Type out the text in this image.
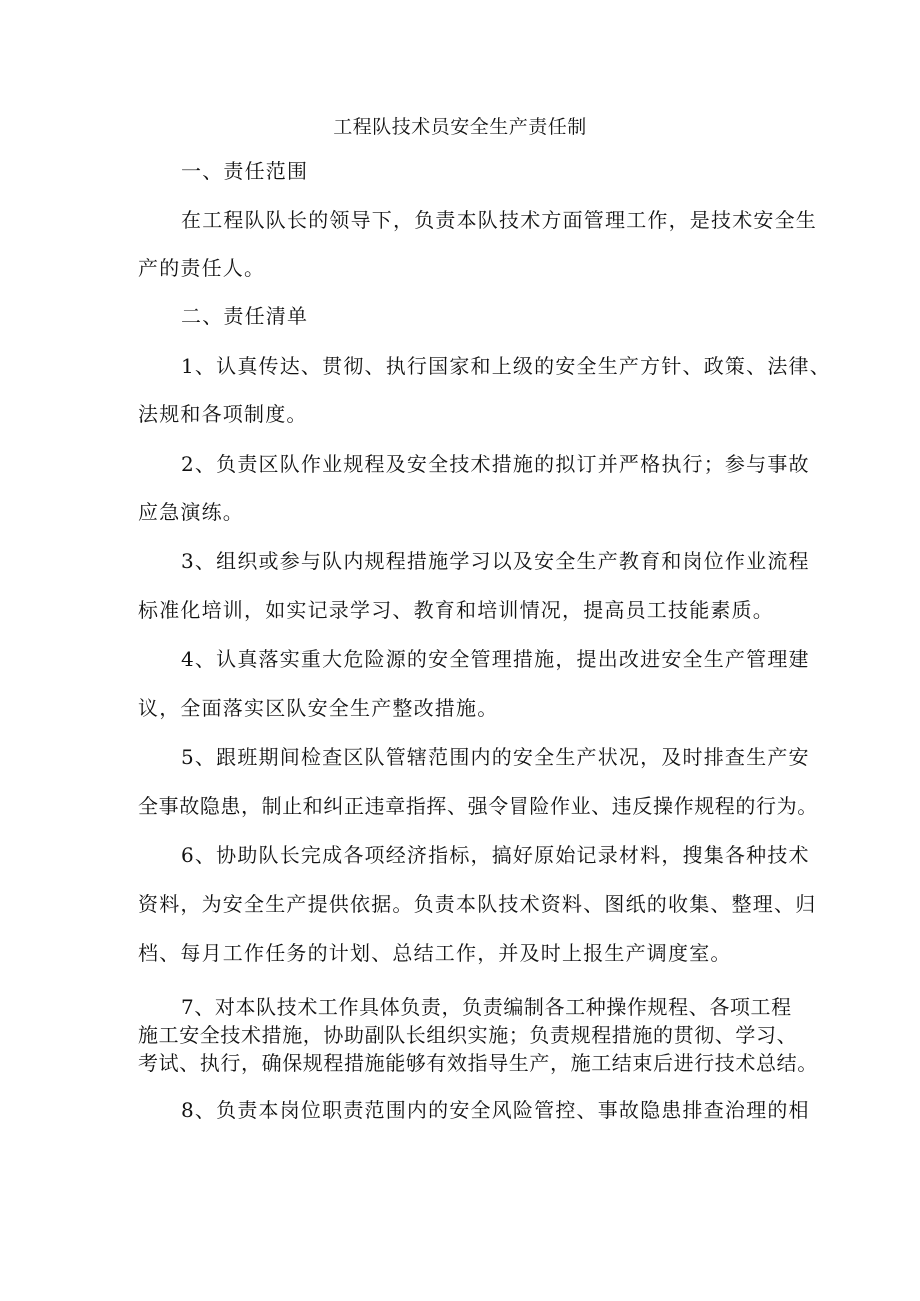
工程队技术员安全生产责任制
一、责任范围
在工程队队长的领导下，负责本队技术方面管理工作，是技术安全生
产的责任人。
二、责任清单
1、认真传达、贯彻、执行国家和上级的安全生产方针、政策、法律、
法规和各项制度。
2、负责区队作业规程及安全技术措施的拟订并严格执行；参与事故
应急演练。
3、组织或参与队内规程措施学习以及安全生产教育和岗位作业流程
标准化培训，如实记录学习、教育和培训情况，提高员工技能素质。
4、认真落实重大危险源的安全管理措施，提出改进安全生产管理建
议，全面落实区队安全生产整改措施。
5、跟班期间检查区队管辖范围内的安全生产状况，及时排查生产安
全事故隐患，制止和纠正违章指挥、强令冒险作业、违反操作规程的行为。
6、协助队长完成各项经济指标，搞好原始记录材料，搜集各种技术
资料，为安全生产提供依据。负责本队技术资料、图纸的收集、整理、归
档、每月工作任务的计划、总结工作，并及时上报生产调度室。
7、对本队技术工作具体负责，负责编制各工种操作规程、各项工程
施工安全技术措施，协助副队长组织实施；负责规程措施的贯彻、学习、
考试、执行，确保规程措施能够有效指导生产，施工结束后进行技术总结。
8、负责本岗位职责范围内的安全风险管控、事故隐患排查治理的相
